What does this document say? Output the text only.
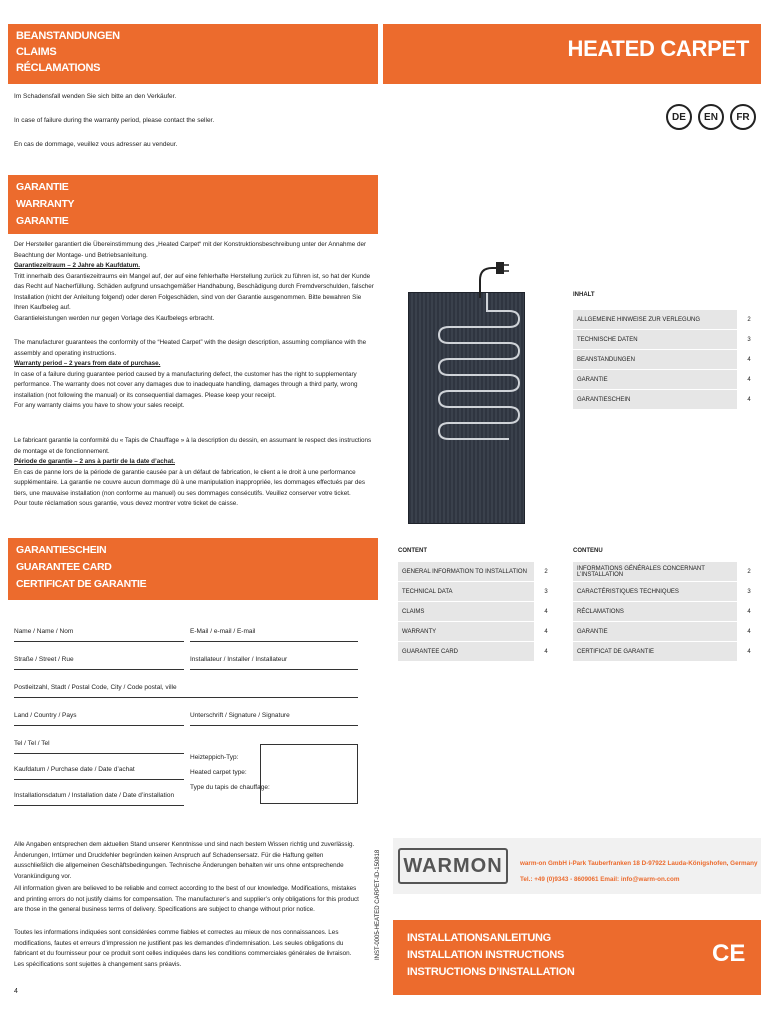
BEANSTANDUNGEN
CLAIMS
RÉCLAMATIONS
HEATED CARPET
Im Schadensfall wenden Sie sich bitte an den Verkäufer.
In case of failure during the warranty period, please contact the seller.
En cas de dommage, veuillez vous adresser au vendeur.
DE	EN	FR
GARANTIE
WARRANTY
GARANTIE
Der Hersteller garantiert die Übereinstimmung des „Heated Carpet“ mit der Konstruktionsbeschreibung unter der Annahme der Beachtung der Montage- und Betriebsanleitung.
Garantiezeitraum – 2 Jahre ab Kaufdatum.
Tritt innerhalb des Garantiezeitraums ein Mangel auf, der auf eine fehlerhafte Herstellung zurück zu führen ist, so hat der Kunde das Recht auf Nacherfüllung. Schäden aufgrund unsachgemäßer Handhabung, Beschädigung durch Fremdverschulden, falscher Installation (nicht der Anleitung folgend) oder deren Folgeschäden, sind von der Garantie ausgenommen. Bitte bewahren Sie Ihren Kaufbeleg auf.
Garantieleistungen werden nur gegen Vorlage des Kaufbelegs erbracht.
The manufacturer guarantees the conformity of the “Heated Carpet” with the design description, assuming compliance with the assembly and operating instructions.
Warranty period – 2 years from date of purchase.
In case of a failure during guarantee period caused by a manufacturing defect, the customer has the right to supplementary performance. The warranty does not cover any damages due to inadequate handling, damages through a third party, wrong installation (not following the manual) or its consequential damages. Please keep your receipt.
For any warranty claims you have to show your sales receipt.
Le fabricant garantie la conformité du « Tapis de Chauffage » à la description du dessin, en assumant le respect des instructions de montage et de fonctionnement.
Période de garantie – 2 ans à partir de la date d’achat.
En cas de panne lors de la période de garantie causée par à un défaut de fabrication, le client a le droit à une performance supplémentaire. La garantie ne couvre aucun dommage dû à une manipulation inappropriée, les dommages effectués par des tiers, une mauvaise installation (non conforme au manuel) ou ses dommages consécutifs. Veuillez conserver votre ticket.
Pour toute réclamation sous garantie, vous devez montrer votre ticket de caisse.
INHALT
ALLGEMEINE HINWEISE ZUR VERLEGUNG	2
TECHNISCHE DATEN	3
BEANSTANDUNGEN	4
GARANTIE	4
GARANTIESCHEIN	4
CONTENT
GENERAL INFORMATION TO INSTALLATION	2
TECHNICAL DATA	3
CLAIMS	4
WARRANTY	4
GUARANTEE CARD	4
CONTENU
INFORMATIONS GÉNÉRALES CONCERNANT L’INSTALLATION	2
CARACTÉRISTIQUES TECHNIQUES	3
RÉCLAMATIONS	4
GARANTIE	4
CERTIFICAT DE GARANTIE	4
GARANTIESCHEIN
GUARANTEE CARD
CERTIFICAT DE GARANTIE
Name / Name / Nom	E-Mail / e-mail / E-mail
Straße / Street / Rue	Installateur / Installer / Installateur
Postleitzahl, Stadt / Postal Code, City / Code postal, ville
Land / Country / Pays	Unterschrift / Signature / Signature
Tel / Tel / Tel
Kaufdatum / Purchase date / Date d’achat
Installationsdatum / Installation date / Date d’installation
Heizteppich-Typ:
Heated carpet type:
Type du tapis de chauffage:
Alle Angaben entsprechen dem aktuellen Stand unserer Kenntnisse und sind nach bestem Wissen richtig und zuverlässig. Änderungen, Irrtümer und Druckfehler begründen keinen Anspruch auf Schadensersatz. Für die Haftung gelten ausschließlich die allgemeinen Geschäftsbedingungen. Technische Änderungen behalten wir uns ohne entsprechende Vorankündigung vor.
All information given are believed to be reliable and correct according to the best of our knowledge. Modifications, mistakes and printing errors do not justify claims for compensation. The manufacturer’s and supplier’s only obligations for this product are those in the general business terms of delivery. Specifications are subject to change without prior notice.
Toutes les informations indiquées sont considérées comme fiables et correctes au mieux de nos connaissances. Les modifications, fautes et erreurs d’impression ne justifient pas les demandes d’indemnisation. Les seules obligations du fabricant et du fournisseur pour ce produit sont celles indiquées dans les conditions commerciales générales de livraison. Les spécifications sont sujettes à changement sans préavis.
INST-0005-HEATED CARPET-ID-150818
4
WARMON	warm-on GmbH i-Park Tauberfranken 18 D-97922 Lauda-Königshofen, Germany
Tel.: +49 (0)9343 - 8609061 Email: info@warm-on.com
INSTALLATIONSANLEITUNG
INSTALLATION INSTRUCTIONS
INSTRUCTIONS D’INSTALLATION
CE
